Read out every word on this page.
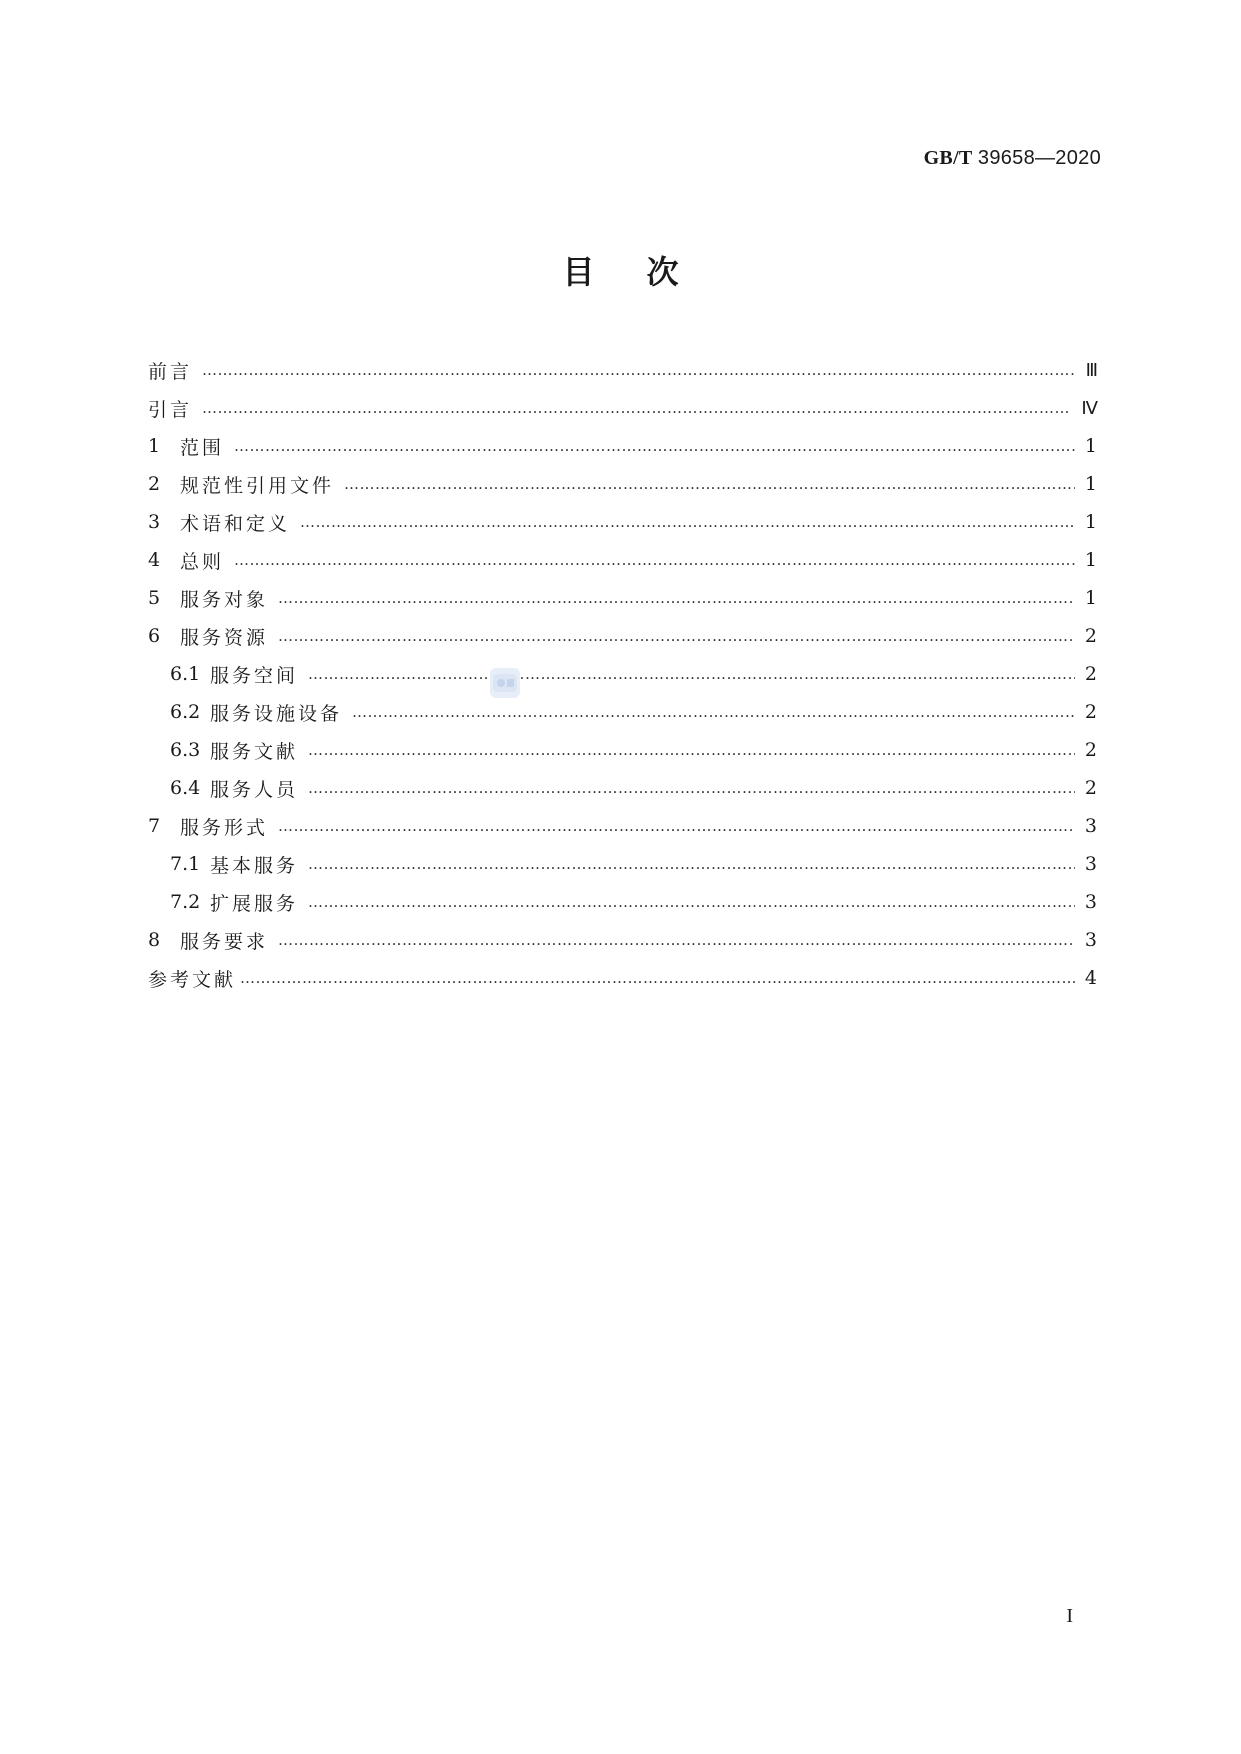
GB/T 39658—2020
目次
前言 ……………………………………………………………………………………………………………………………………………………………………………………………………	Ⅲ
引言 ……………………………………………………………………………………………………………………………………………………………………………………………………	Ⅳ
1	范围 ……………………………………………………………………………………………………………………………………………………………………………………………………	1
2	规范性引用文件 ……………………………………………………………………………………………………………………………………………………………………………………………………	1
3	术语和定义 ……………………………………………………………………………………………………………………………………………………………………………………………………	1
4	总则 ……………………………………………………………………………………………………………………………………………………………………………………………………	1
5	服务对象 ……………………………………………………………………………………………………………………………………………………………………………………………………	1
6	服务资源 ……………………………………………………………………………………………………………………………………………………………………………………………………	2
6.1 服务空间 ……………………………………………………………………………………………………………………………………………………………………………………………………	2
6.2 服务设施设备 ……………………………………………………………………………………………………………………………………………………………………………………………………	2
6.3 服务文献 ……………………………………………………………………………………………………………………………………………………………………………………………………	2
6.4 服务人员 ……………………………………………………………………………………………………………………………………………………………………………………………………	2
7	服务形式 ……………………………………………………………………………………………………………………………………………………………………………………………………	3
7.1 基本服务 ……………………………………………………………………………………………………………………………………………………………………………………………………	3
7.2 扩展服务 ……………………………………………………………………………………………………………………………………………………………………………………………………	3
8	服务要求 ……………………………………………………………………………………………………………………………………………………………………………………………………	3
参考文献 ……………………………………………………………………………………………………………………………………………………………………………………………………	4
I
